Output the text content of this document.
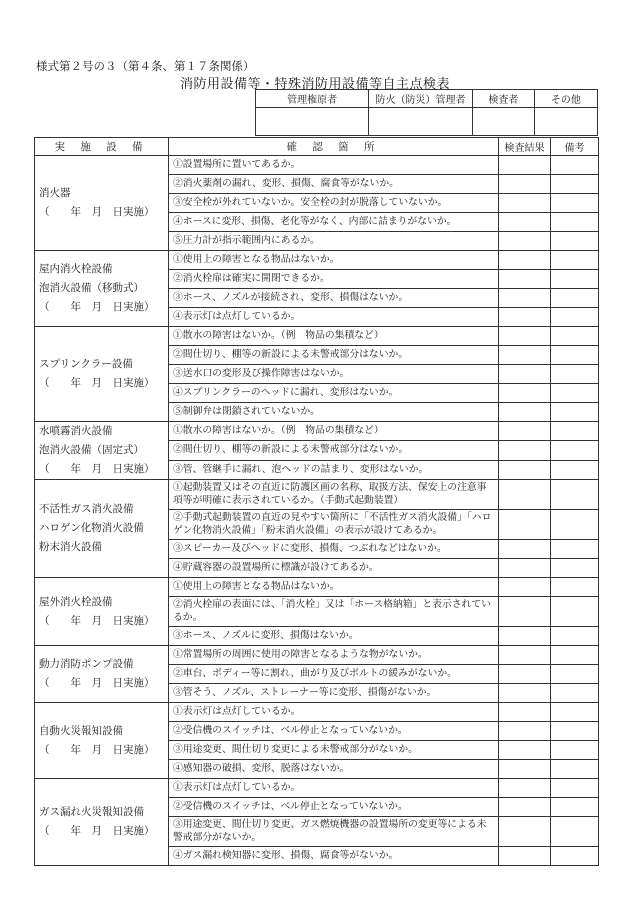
様式第２号の３（第４条、第１７条関係）
消防用設備等・特殊消防用設備等自主点検表
管理権原者	防火（防災）管理者	検査者	その他

実 施 設 備	確 認 箇 所	検査結果	備考

消火器
（　　年　月　日実施）	①設置場所に置いてあるか。		
	②消火薬剤の漏れ、変形、損傷、腐食等がないか。		
	③安全栓が外れていないか。安全栓の封が脱落していないか。		
	④ホースに変形、損傷、老化等がなく、内部に詰まりがないか。		
	⑤圧力計が指示範囲内にあるか。		

屋内消火栓設備
泡消火設備（移動式）
（　　年　月　日実施）	①使用上の障害となる物品はないか。		
	②消火栓扉は確実に開閉できるか。		
	③ホース、ノズルが接続され、変形、損傷はないか。		
	④表示灯は点灯しているか。		

スプリンクラー設備
（　　年　月　日実施）	①散水の障害はないか。（例　物品の集積など）		
	②間仕切り、棚等の新設による未警戒部分はないか。		
	③送水口の変形及び操作障害はないか。		
	④スプリンクラーのヘッドに漏れ、変形はないか。		
	⑤制御弁は閉鎖されていないか。		

水噴霧消火設備
泡消火設備（固定式）
（　　年　月　日実施）	①散水の障害はないか。（例　物品の集積など）		
	②間仕切り、棚等の新設による未警戒部分はないか。		
	③管、管継手に漏れ、泡ヘッドの詰まり、変形はないか。		

不活性ガス消火設備
ハロゲン化物消火設備
粉末消火設備	①起動装置又はその直近に防護区画の名称、取扱方法、保安上の注意事項等が明確に表示されているか。（手動式起動装置）		
	②手動式起動装置の直近の見やすい箇所に「不活性ガス消火設備」「ハロゲン化物消火設備」「粉末消火設備」の表示が設けてあるか。		
	③スピーカー及びヘッドに変形、損傷、つぶれなどはないか。		
	④貯蔵容器の設置場所に標識が設けてあるか。		

屋外消火栓設備
（　　年　月　日実施）	①使用上の障害となる物品はないか。		
	②消火栓扉の表面には、「消火栓」又は「ホース格納箱」と表示されているか。		
	③ホース、ノズルに変形、損傷はないか。		

動力消防ポンプ設備
（　　年　月　日実施）	①常置場所の周囲に使用の障害となるような物がないか。		
	②車台、ボディー等に割れ、曲がり及びボルトの緩みがないか。		
	③管そう、ノズル、ストレーナー等に変形、損傷がないか。		

自動火災報知設備
（　　年　月　日実施）	①表示灯は点灯しているか。		
	②受信機のスイッチは、ベル停止となっていないか。		
	③用途変更、間仕切り変更による未警戒部分がないか。		
	④感知器の破損、変形、脱落はないか。		

ガス漏れ火災報知設備
（　　年　月　日実施）	①表示灯は点灯しているか。		
	②受信機のスイッチは、ベル停止となっていないか。		
	③用途変更、間仕切り変更、ガス燃焼機器の設置場所の変更等による未警戒部分がないか。		
	④ガス漏れ検知器に変形、損傷、腐食等がないか。		
